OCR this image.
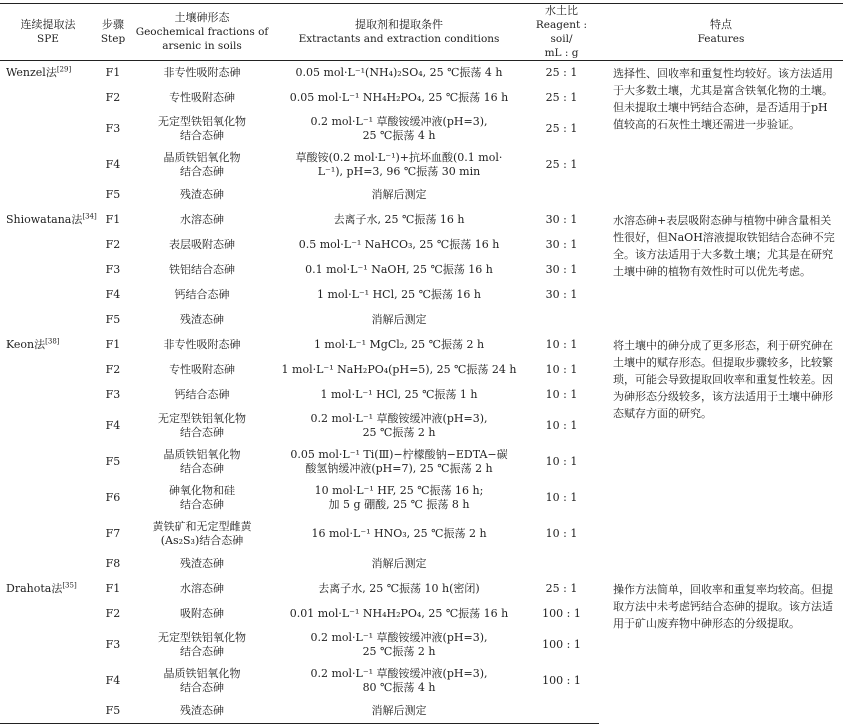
连续提取法
SPE	步骤
Step	土壤砷形态
Geochemical fractions of
arsenic in soils	提取剂和提取条件
Extractants and extraction conditions	水土比
Reagent : soil/
mL : g	特点
Features

Wenzel法[29]	F1	非专性吸附态砷	0.05 mol·L⁻¹(NH₄)₂SO₄, 25 ℃振荡 4 h	25 : 1	选择性、回收率和重复性均较好。该方法适用于大多数土壤，尤其是富含铁氧化物的土壤。但未提取土壤中钙结合态砷，是否适用于pH值较高的石灰性土壤还需进一步验证。
	F2	专性吸附态砷	0.05 mol·L⁻¹ NH₄H₂PO₄, 25 ℃振荡 16 h	25 : 1	
	F3	无定型铁铝氧化物
结合态砷	0.2 mol·L⁻¹ 草酸铵缓冲液(pH=3),
25 ℃振荡 4 h	25 : 1	
	F4	晶质铁铝氧化物
结合态砷	草酸铵(0.2 mol·L⁻¹)+抗坏血酸(0.1 mol·
L⁻¹), pH=3, 96 ℃振荡 30 min	25 : 1	
	F5	残渣态砷	消解后测定		

Shiowatana法[34]	F1	水溶态砷	去离子水, 25 ℃振荡 16 h	30 : 1	水溶态砷+表层吸附态砷与植物中砷含量相关性很好，但NaOH溶液提取铁铝结合态砷不完全。该方法适用于大多数土壤；尤其是在研究土壤中砷的植物有效性时可以优先考虑。
	F2	表层吸附态砷	0.5 mol·L⁻¹ NaHCO₃, 25 ℃振荡 16 h	30 : 1	
	F3	铁铝结合态砷	0.1 mol·L⁻¹ NaOH, 25 ℃振荡 16 h	30 : 1	
	F4	钙结合态砷	1 mol·L⁻¹ HCl, 25 ℃振荡 16 h	30 : 1	
	F5	残渣态砷	消解后测定		

Keon法[38]	F1	非专性吸附态砷	1 mol·L⁻¹ MgCl₂, 25 ℃振荡 2 h	10 : 1	将土壤中的砷分成了更多形态，利于研究砷在土壤中的赋存形态。但提取步骤较多，比较繁琐，可能会导致提取回收率和重复性较差。因为砷形态分级较多，该方法适用于土壤中砷形态赋存方面的研究。
	F2	专性吸附态砷	1 mol·L⁻¹ NaH₂PO₄(pH=5), 25 ℃振荡 24 h	10 : 1	
	F3	钙结合态砷	1 mol·L⁻¹ HCl, 25 ℃振荡 1 h	10 : 1	
	F4	无定型铁铝氧化物
结合态砷	0.2 mol·L⁻¹ 草酸铵缓冲液(pH=3),
25 ℃振荡 2 h	10 : 1	
	F5	晶质铁铝氧化物
结合态砷	0.05 mol·L⁻¹ Ti(Ⅲ)−柠檬酸钠−EDTA−碳
酸氢钠缓冲液(pH=7), 25 ℃振荡 2 h	10 : 1	
	F6	砷氧化物和硅
结合态砷	10 mol·L⁻¹ HF, 25 ℃振荡 16 h;
加 5 g 硼酸, 25 ℃ 振荡 8 h	10 : 1	
	F7	黄铁矿和无定型雌黄
(As₂S₃)结合态砷	16 mol·L⁻¹ HNO₃, 25 ℃振荡 2 h	10 : 1	
	F8	残渣态砷	消解后测定		

Drahota法[35]	F1	水溶态砷	去离子水, 25 ℃振荡 10 h(密闭)	25 : 1	操作方法简单，回收率和重复率均较高。但提取方法中未考虑钙结合态砷的提取。该方法适用于矿山废弃物中砷形态的分级提取。
	F2	吸附态砷	0.01 mol·L⁻¹ NH₄H₂PO₄, 25 ℃振荡 16 h	100 : 1	
	F3	无定型铁铝氧化物
结合态砷	0.2 mol·L⁻¹ 草酸铵缓冲液(pH=3),
25 ℃振荡 2 h	100 : 1	
	F4	晶质铁铝氧化物
结合态砷	0.2 mol·L⁻¹ 草酸铵缓冲液(pH=3),
80 ℃振荡 4 h	100 : 1	
	F5	残渣态砷	消解后测定		
